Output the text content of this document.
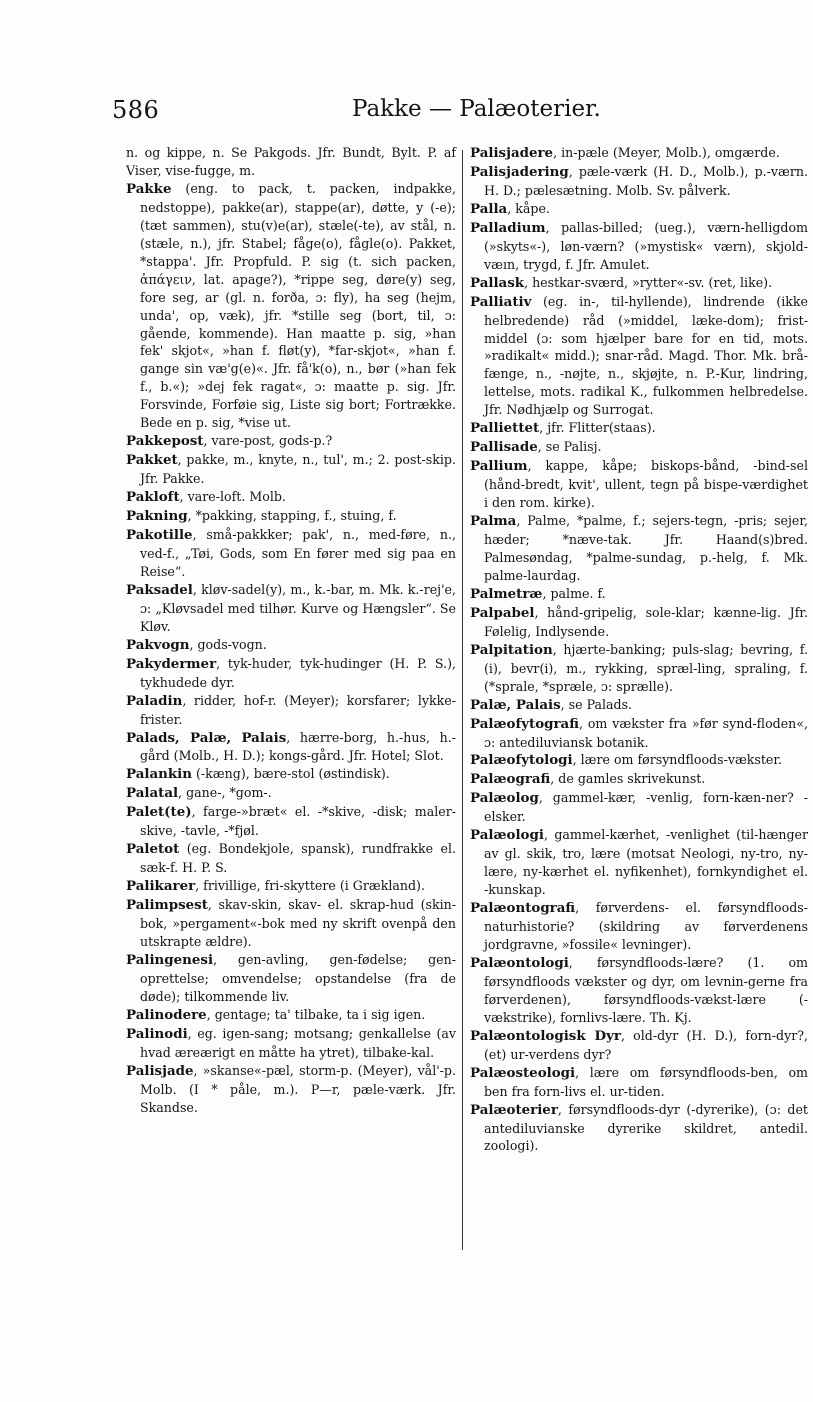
586	Pakke — Palæoterier.

n. og kippe, n. Se Pakgods. Jfr. Bundt, Bylt. P. af Viser, vise-fugge, m.

Pakke (eng. to pack, t. packen, indpakke, nedstoppe), pakke(ar), stappe(ar), døtte, y (-e); (tæt sammen), stu(v)e(ar), stæle(-te), av stål, n. (stæle, n.), jfr. Stabel; fåge(o), fågle(o). Pakket, *stappa'. Jfr. Propfuld. P. sig (t. sich packen, ἀπάγειν, lat. apage?), *rippe seg, døre(y) seg, fore seg, ar (gl. n. forða, ɔ: fly), ha seg (hejm, unda', op, væk), jfr. *stille seg (bort, til, ɔ: gående, kommende). Han maatte p. sig, »han fek' skjot«, »han f. fløt(y), *far-skjot«, »han f. gange sin væ'g(e)«. Jfr. få'k(o), n., bør (»han fek f., b.«); »dej fek ragat«, ɔ: maatte p. sig. Jfr. Forsvinde, Forføie sig, Liste sig bort; Fortrække. Bede en p. sig, *vise ut.

Pakkepost, vare-post, gods-p.?

Pakket, pakke, m., knyte, n., tul', m.; 2. post-skip. Jfr. Pakke.

Pakloft, vare-loft. Molb.

Pakning, *pakking, stapping, f., stuing, f.

Pakotille, små-pakkker; pak', n., med-føre, n., ved-f., „Tøi, Gods, som En fører med sig paa en Reise“.

Paksadel, kløv-sadel(y), m., k.-bar, m. Mk. k.-rej'e, ɔ: „Kløvsadel med tilhør. Kurve og Hængsler“. Se Kløv.

Pakvogn, gods-vogn.

Pakydermer, tyk-huder, tyk-hudinger (H. P. S.), tykhudede dyr.

Paladin, ridder, hof-r. (Meyer); korsfarer; lykke-frister.

Palads, Palæ, Palais, hærre-borg, h.-hus, h.-gård (Molb., H. D.); kongs-gård. Jfr. Hotel; Slot.

Palankin (-kæng), bære-stol (østindisk).

Palatal, gane-, *gom-.

Palet(te), farge-»bræt« el. -*skive, -disk; maler-skive, -tavle, -*fjøl.

Paletot (eg. Bondekjole, spansk), rundfrakke el. sæk-f. H. P. S.

Palikarer, frivillige, fri-skyttere (i Grækland).

Palimpsest, skav-skin, skav- el. skrap-hud (skin-bok, »pergament«-bok med ny skrift ovenpå den utskrapte ældre).

Palingenesi, gen-avling, gen-fødelse; gen-oprettelse; omvendelse; opstandelse (fra de døde); tilkommende liv.

Palinodere, gentage; ta' tilbake, ta i sig igen.

Palinodi, eg. igen-sang; motsang; genkallelse (av hvad æreærigt en måtte ha ytret), tilbake-kal.

Palisjade, »skanse«-pæl, storm-p. (Meyer), vål'-p. Molb. (I * påle, m.). P—r, pæle-værk. Jfr. Skandse.

Palisjadere, in-pæle (Meyer, Molb.), omgærde.

Palisjadering, pæle-værk (H. D., Molb.), p.-værn. H. D.; pælesætning. Molb. Sv. pålverk.

Palla, kåpe.

Palladium, pallas-billed; (ueg.), værn-helligdom (»skyts«-), løn-værn? (»mystisk« værn), skjold-væın, trygd, f. Jfr. Amulet.

Pallask, hestkar-sværd, »rytter«-sv. (ret, like).

Palliativ (eg. in-, til-hyllende), lindrende (ikke helbredende) råd (»middel, læke-dom); frist-middel (ɔ: som hjælper bare for en tid, mots. »radikalt« midd.); snar-råd. Magd. Thor. Mk. brå-fænge, n., -nøjte, n., skjøjte, n. P.-Kur, lindring, lettelse, mots. radikal K., fulkommen helbredelse. Jfr. Nødhjælp og Surrogat.

Palliettet, jfr. Flitter(staas).

Pallisade, se Palisj.

Pallium, kappe, kåpe; biskops-bånd, -bind-sel (hånd-bredt, kvit', ullent, tegn på bispe-værdighet i den rom. kirke).

Palma, Palme, *palme, f.; sejers-tegn, -pris; sejer, hæder; *næve-tak. Jfr. Haand(s)bred. Palmesøndag, *palme-sundag, p.-helg, f. Mk. palme-laurdag.

Palmetræ, palme. f.

Palpabel, hånd-gripelig, sole-klar; kænne-lig. Jfr. Følelig, Indlysende.

Palpitation, hjærte-banking; puls-slag; bevring, f. (i), bevr(i), m., rykking, spræl-ling, spraling, f. (*sprale, *spræle, ɔ: sprælle).

Palæ, Palais, se Palads.

Palæofytografi, om vækster fra »før synd-floden«, ɔ: antediluviansk botanik.

Palæofytologi, lære om førsyndfloods-vækster.

Palæografi, de gamles skrivekunst.

Palæolog, gammel-kær, -venlig, forn-kæn-ner? -elsker.

Palæologi, gammel-kærhet, -venlighet (til-hænger av gl. skik, tro, lære (motsat Neologi, ny-tro, ny-lære, ny-kærhet el. nyfikenhet), fornkyndighet el. -kunskap.

Palæontografi, førverdens- el. førsyndfloods-naturhistorie? (skildring av førverdenens jordgravne, »fossile« levninger).

Palæontologi, førsyndfloods-lære? (1. om førsyndfloods vækster og dyr, om levnin-gerne fra førverdenen), førsyndfloods-vækst-lære (-vækstrike), fornlivs-lære. Th. Kj.

Palæontologisk Dyr, old-dyr (H. D.), forn-dyr?, (et) ur-verdens dyr?

Palæosteologi, lære om førsyndfloods-ben, om ben fra forn-livs el. ur-tiden.

Palæoterier, førsyndfloods-dyr (-dyrerike), (ɔ: det antediluvianske dyrerike skildret, antedil. zoologi).
